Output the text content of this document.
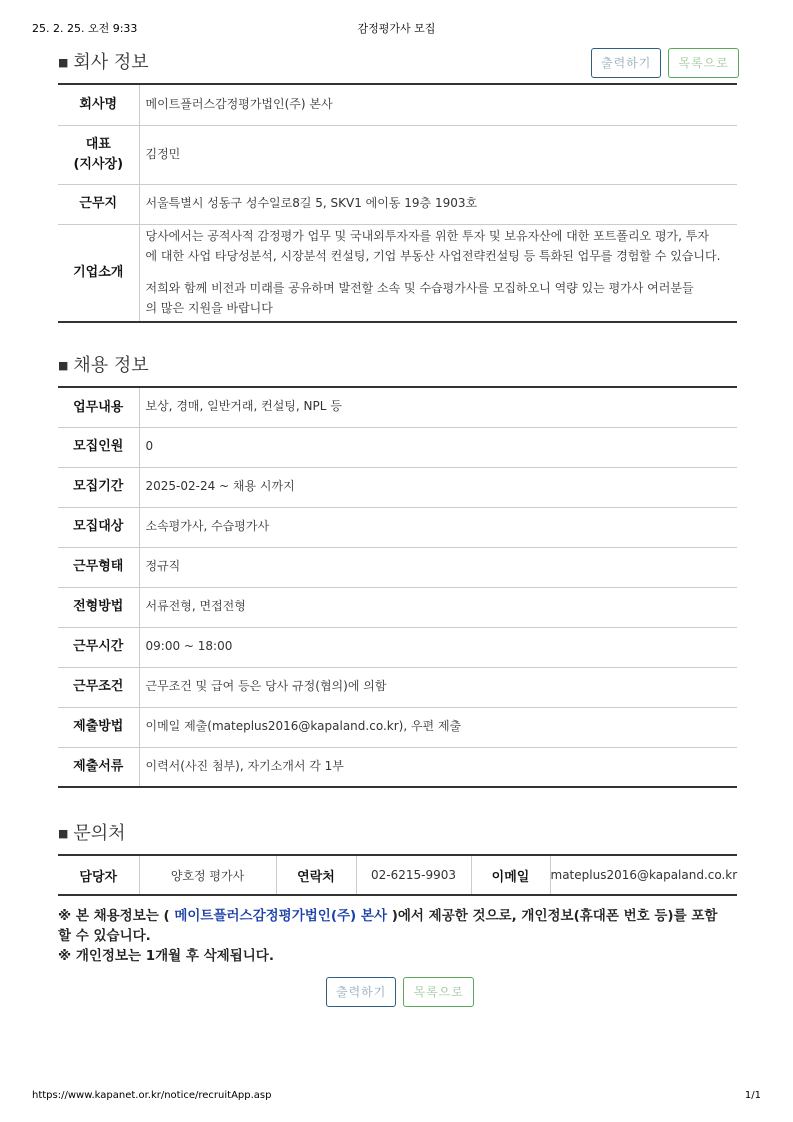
25. 2. 25. 오전 9:33	감정평가사 모집
■ 회사 정보	출력하기 목록으로
회사명	메이트플러스감정평가법인(주) 본사

대표
(지사장)	김정민
근무지	서울특별시 성동구 성수일로8길 5, SKV1 에이동 19층 1903호
기업소개	당사에서는 공적사적 감정평가 업무 및 국내외투자자를 위한 투자 및 보유자산에 대한 포트폴리오 평가, 투자
에 대한 사업 타당성분석, 시장분석 컨설팅, 기업 부동산 사업전략컨설팅 등 특화된 업무를 경험할 수 있습니다.

저희와 함께 비전과 미래를 공유하며 발전할 소속 및 수습평가사를 모집하오니 역량 있는 평가사 여러분들
의 많은 지원을 바랍니다

■ 채용 정보
업무내용	보상, 경매, 일반거래, 컨설팅, NPL 등
모집인원	0
모집기간	2025-02-24 ~ 채용 시까지
모집대상	소속평가사, 수습평가사
근무형태	정규직
전형방법	서류전형, 면접전형
근무시간	09:00 ~ 18:00
근무조건	근무조건 및 급여 등은 당사 규정(협의)에 의함
제출방법	이메일 제출(mateplus2016@kapaland.co.kr), 우편 제출
제출서류	이력서(사진 첨부), 자기소개서 각 1부
■ 문의처
담당자	양호정 평가사	연락처	02-6215-9903	이메일	mateplus2016@kapaland.co.kr
※ 본 채용정보는 ( 메이트플러스감정평가법인(주) 본사 )에서 제공한 것으로, 개인정보(휴대폰 번호 등)를 포함
할 수 있습니다.
※ 개인정보는 1개월 후 삭제됩니다.
출력하기 목록으로
https://www.kapanet.or.kr/notice/recruitApp.asp	1/1
